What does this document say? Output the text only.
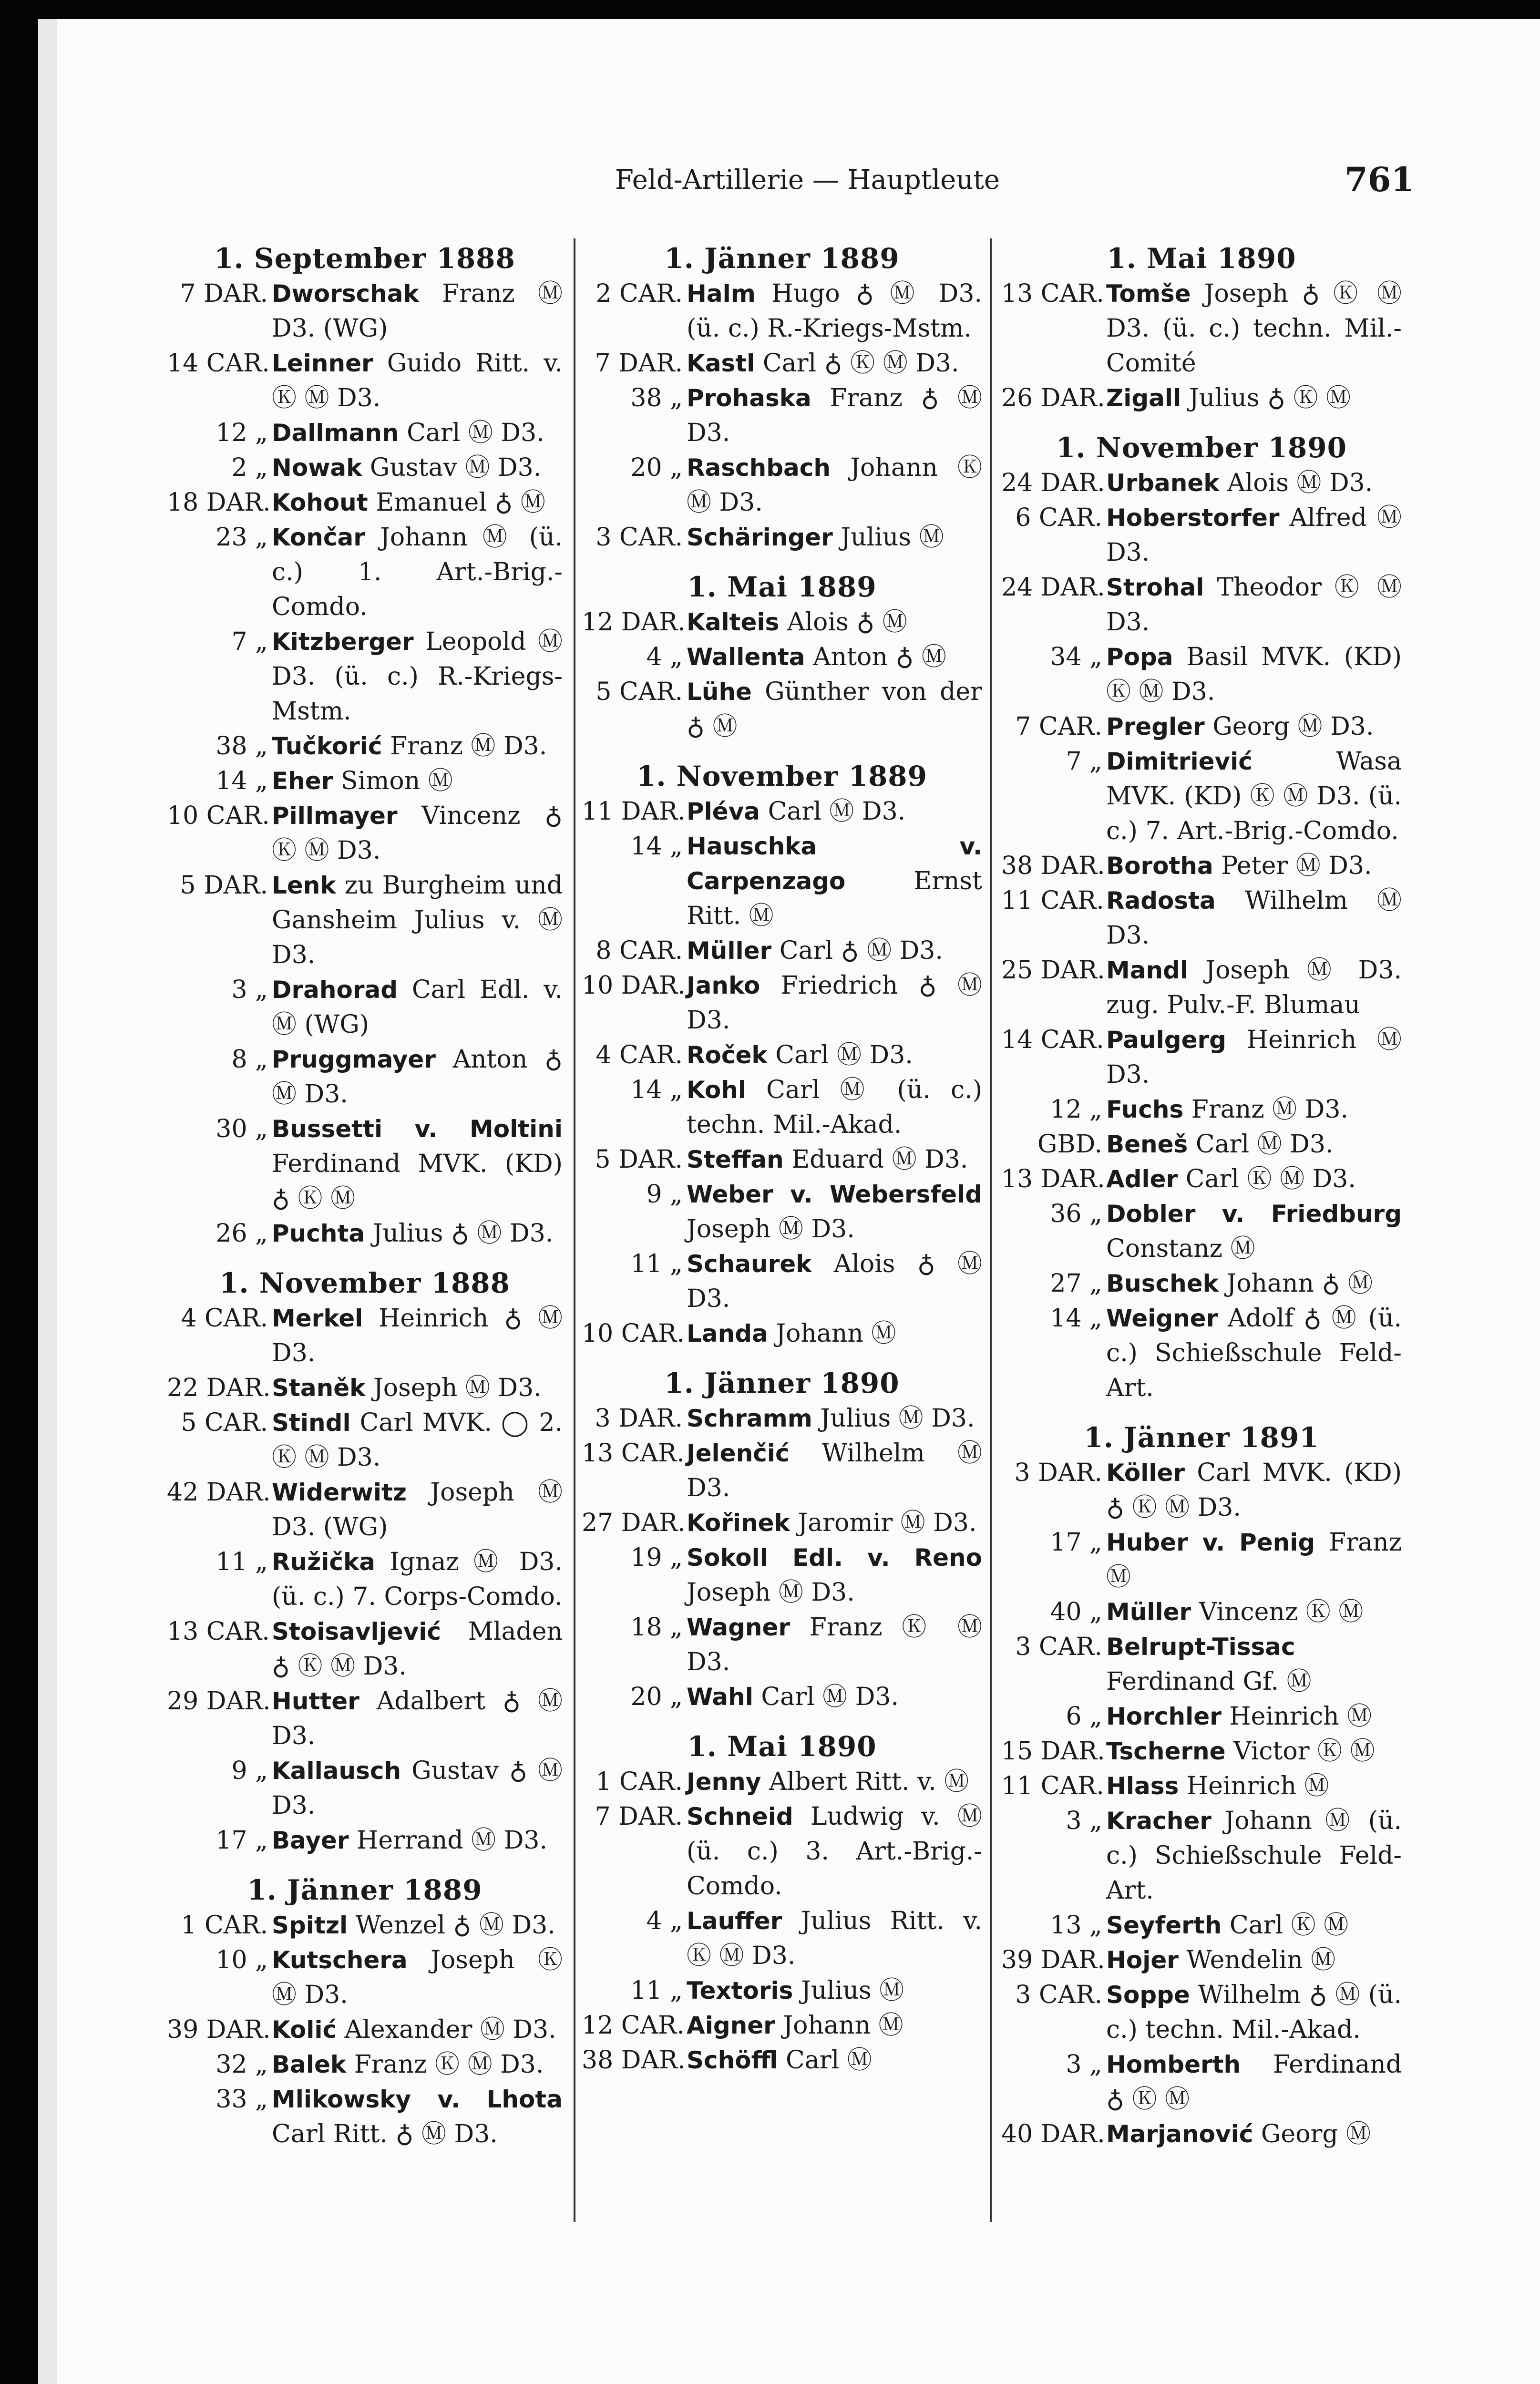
Feld-Artillerie — Hauptleute	761
1. September 1888
7 DAR. Dworschak Franz Ⓜ D3. (WG)
14 CAR. Leinner Guido Ritt. v. Ⓚ Ⓜ D3.
12 „ Dallmann Carl Ⓜ D3.
2 „ Nowak Gustav Ⓜ D3.
18 DAR. Kohout Emanuel ♁ Ⓜ
23 „ Končar Johann Ⓜ (ü. c.) 1. Art.-Brig.-Comdo.
7 „ Kitzberger Leopold Ⓜ D3. (ü. c.) R.-Kriegs-Mstm.
38 „ Tučkorić Franz Ⓜ D3.
14 „ Eher Simon Ⓜ
10 CAR. Pillmayer Vincenz ♁ Ⓚ Ⓜ D3.
5 DAR. Lenk zu Burgheim und Gansheim Julius v. Ⓜ D3.
3 „ Drahorad Carl Edl. v. Ⓜ (WG)
8 „ Pruggmayer Anton ♁ Ⓜ D3.
30 „ Bussetti v. Moltini Ferdinand MVK. (KD) ♁ Ⓚ Ⓜ
26 „ Puchta Julius ♁ Ⓜ D3.
1. November 1888
4 CAR. Merkel Heinrich ♁ Ⓜ D3.
22 DAR. Staněk Joseph Ⓜ D3.
5 CAR. Stindl Carl MVK. ◯ 2. Ⓚ Ⓜ D3.
42 DAR. Widerwitz Joseph Ⓜ D3. (WG)
11 „ Ružička Ignaz Ⓜ D3. (ü. c.) 7. Corps-Comdo.
13 CAR. Stoisavljević Mladen ♁ Ⓚ Ⓜ D3.
29 DAR. Hutter Adalbert ♁ Ⓜ D3.
9 „ Kallausch Gustav ♁ Ⓜ D3.
17 „ Bayer Herrand Ⓜ D3.
1. Jänner 1889
1 CAR. Spitzl Wenzel ♁ Ⓜ D3.
10 „ Kutschera Joseph Ⓚ Ⓜ D3.
39 DAR. Kolić Alexander Ⓜ D3.
32 „ Balek Franz Ⓚ Ⓜ D3.
33 „ Mlikowsky v. Lhota Carl Ritt. ♁ Ⓜ D3.
1. Jänner 1889
2 CAR. Halm Hugo ♁ Ⓜ D3. (ü. c.) R.-Kriegs-Mstm.
7 DAR. Kastl Carl ♁ Ⓚ Ⓜ D3.
38 „ Prohaska Franz ♁ Ⓜ D3.
20 „ Raschbach Johann Ⓚ Ⓜ D3.
3 CAR. Schäringer Julius Ⓜ
1. Mai 1889
12 DAR. Kalteis Alois ♁ Ⓜ
4 „ Wallenta Anton ♁ Ⓜ
5 CAR. Lühe Günther von der ♁ Ⓜ
1. November 1889
11 DAR. Pléva Carl Ⓜ D3.
14 „ Hauschka v. Carpenzago	Ernst Ritt. Ⓜ
8 CAR. Müller Carl ♁ Ⓜ D3.
10 DAR. Janko Friedrich ♁ Ⓜ D3.
4 CAR. Roček Carl Ⓜ D3.
14 „ Kohl Carl Ⓜ (ü. c.) techn. Mil.-Akad.
5 DAR. Steffan Eduard Ⓜ D3.
9 „ Weber v. Webersfeld Joseph Ⓜ D3.
11 „ Schaurek Alois ♁ Ⓜ D3.
10 CAR. Landa Johann Ⓜ
1. Jänner 1890
3 DAR. Schramm Julius Ⓜ D3.
13 CAR. Jelenčić Wilhelm Ⓜ D3.
27 DAR. Kořinek Jaromir Ⓜ D3.
19 „ Sokoll Edl. v. Reno Joseph Ⓜ D3.
18 „ Wagner Franz Ⓚ Ⓜ D3.
20 „ Wahl Carl Ⓜ D3.
1. Mai 1890
1 CAR. Jenny Albert Ritt. v. Ⓜ
7 DAR. Schneid Ludwig v. Ⓜ (ü. c.) 3. Art.-Brig.-Comdo.
4 „ Lauffer Julius Ritt. v. Ⓚ Ⓜ D3.
11 „ Textoris Julius Ⓜ
12 CAR. Aigner Johann Ⓜ
38 DAR. Schöffl Carl Ⓜ
1. Mai 1890
13 CAR. Tomše Joseph ♁ Ⓚ Ⓜ D3. (ü. c.) techn. Mil.-Comité
26 DAR. Zigall Julius ♁ Ⓚ Ⓜ
1. November 1890
24 DAR. Urbanek Alois Ⓜ D3.
6 CAR. Hoberstorfer Alfred Ⓜ D3.
24 DAR. Strohal Theodor Ⓚ Ⓜ D3.
34 „ Popa Basil MVK. (KD) Ⓚ Ⓜ D3.
7 CAR. Pregler Georg Ⓜ D3.
7 „ Dimitriević	Wasa MVK. (KD) Ⓚ Ⓜ D3. (ü. c.) 7. Art.-Brig.-Comdo.
38 DAR. Borotha Peter Ⓜ D3.
11 CAR. Radosta Wilhelm Ⓜ D3.
25 DAR. Mandl Joseph Ⓜ D3. zug. Pulv.-F. Blumau
14 CAR. Paulgerg Heinrich Ⓜ D3.
12 „ Fuchs Franz Ⓜ D3.
GBD. Beneš Carl Ⓜ D3.
13 DAR. Adler Carl Ⓚ Ⓜ D3.
36 „ Dobler v. Friedburg Constanz Ⓜ
27 „ Buschek Johann ♁ Ⓜ
14 „ Weigner Adolf ♁ Ⓜ (ü. c.) Schießschule Feld-Art.
1. Jänner 1891
3 DAR. Köller Carl MVK. (KD) ♁ Ⓚ Ⓜ D3.
17 „ Huber v. Penig Franz Ⓜ
40 „ Müller Vincenz Ⓚ Ⓜ
3 CAR. Belrupt-Tissac Ferdinand Gf. Ⓜ
6 „ Horchler Heinrich Ⓜ
15 DAR. Tscherne Victor Ⓚ Ⓜ
11 CAR. Hlass Heinrich Ⓜ
3 „ Kracher Johann Ⓜ (ü. c.) Schießschule Feld-Art.
13 „ Seyferth Carl Ⓚ Ⓜ
39 DAR. Hojer Wendelin Ⓜ
3 CAR. Soppe Wilhelm ♁ Ⓜ (ü. c.) techn. Mil.-Akad.
3 „ Homberth Ferdinand ♁ Ⓚ Ⓜ
40 DAR. Marjanović Georg Ⓜ
